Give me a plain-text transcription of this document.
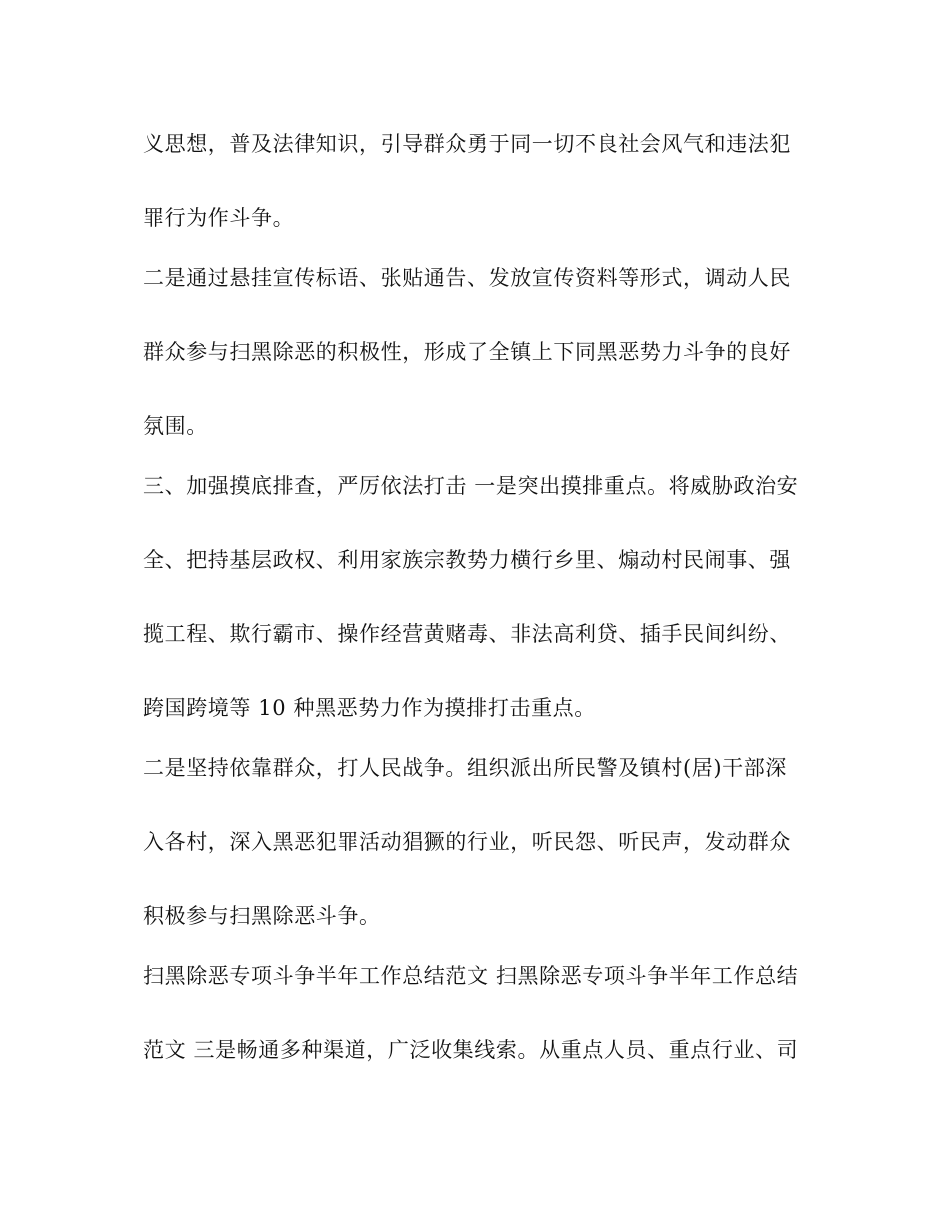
义思想，普及法律知识，引导群众勇于同一切不良社会风气和违法犯

罪行为作斗争。

二是通过悬挂宣传标语、张贴通告、发放宣传资料等形式，调动人民

群众参与扫黑除恶的积极性，形成了全镇上下同黑恶势力斗争的良好

氛围。

三、加强摸底排查，严厉依法打击 一是突出摸排重点。将威胁政治安

全、把持基层政权、利用家族宗教势力横行乡里、煽动村民闹事、强

揽工程、欺行霸市、操作经营黄赌毒、非法高利贷、插手民间纠纷、

跨国跨境等 10 种黑恶势力作为摸排打击重点。

二是坚持依靠群众，打人民战争。组织派出所民警及镇村(居)干部深

入各村，深入黑恶犯罪活动猖獗的行业，听民怨、听民声，发动群众

积极参与扫黑除恶斗争。

扫黑除恶专项斗争半年工作总结范文 扫黑除恶专项斗争半年工作总结

范文 三是畅通多种渠道，广泛收集线索。从重点人员、重点行业、司
